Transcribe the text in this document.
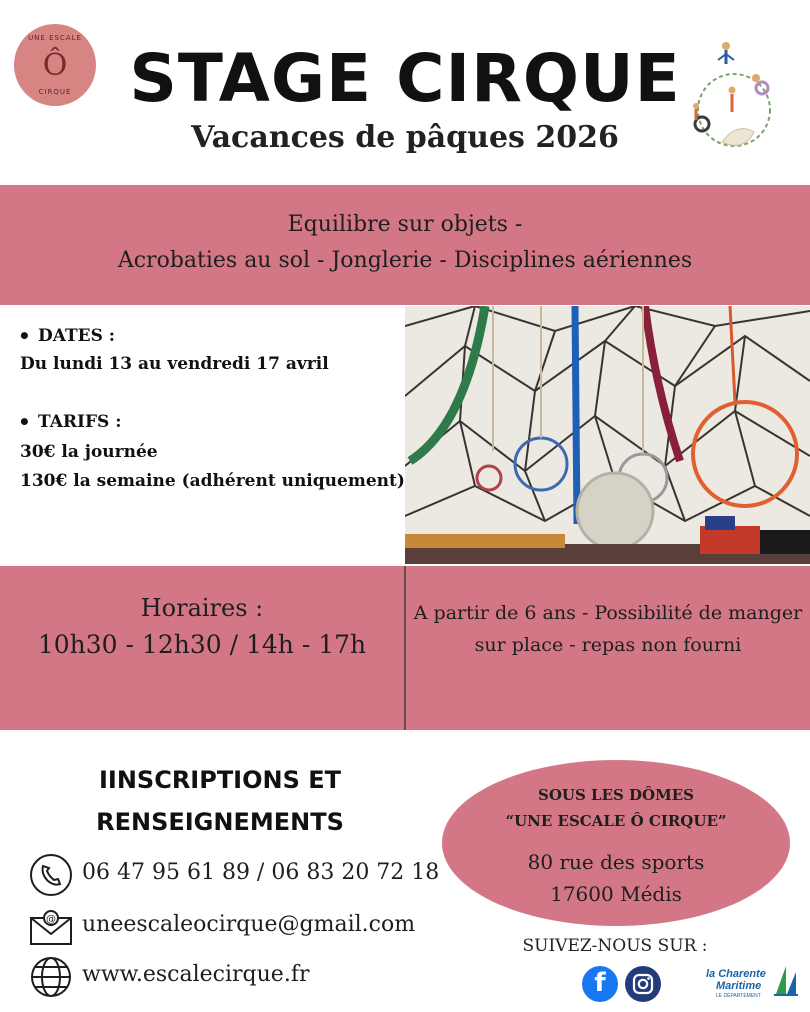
UNE ESCALE
Ô
CIRQUE STAGE CIRQUE
Vacances de pâques 2026
Equilibre sur objets -
Acrobaties au sol - Jonglerie - Disciplines aériennes
• DATES :
Du lundi 13 au vendredi 17 avril
• TARIFS :
30€ la journée
130€ la semaine (adhérent uniquement)
Horaires :
10h30 - 12h30 / 14h - 17h
A partir de 6 ans - Possibilité de manger
sur place - repas non fourni
IINSCRIPTIONS ET
RENSEIGNEMENTS
06 47 95 61 89 / 06 83 20 72 18
@ uneescaleocirque@gmail.com
www.escalecirque.fr
SOUS LES DÔMES
“UNE ESCALE Ô CIRQUE”
80 rue des sports
17600 Médis
SUIVEZ-NOUS SUR :
f	la Charente
Maritime
LE DÉPARTEMENT
